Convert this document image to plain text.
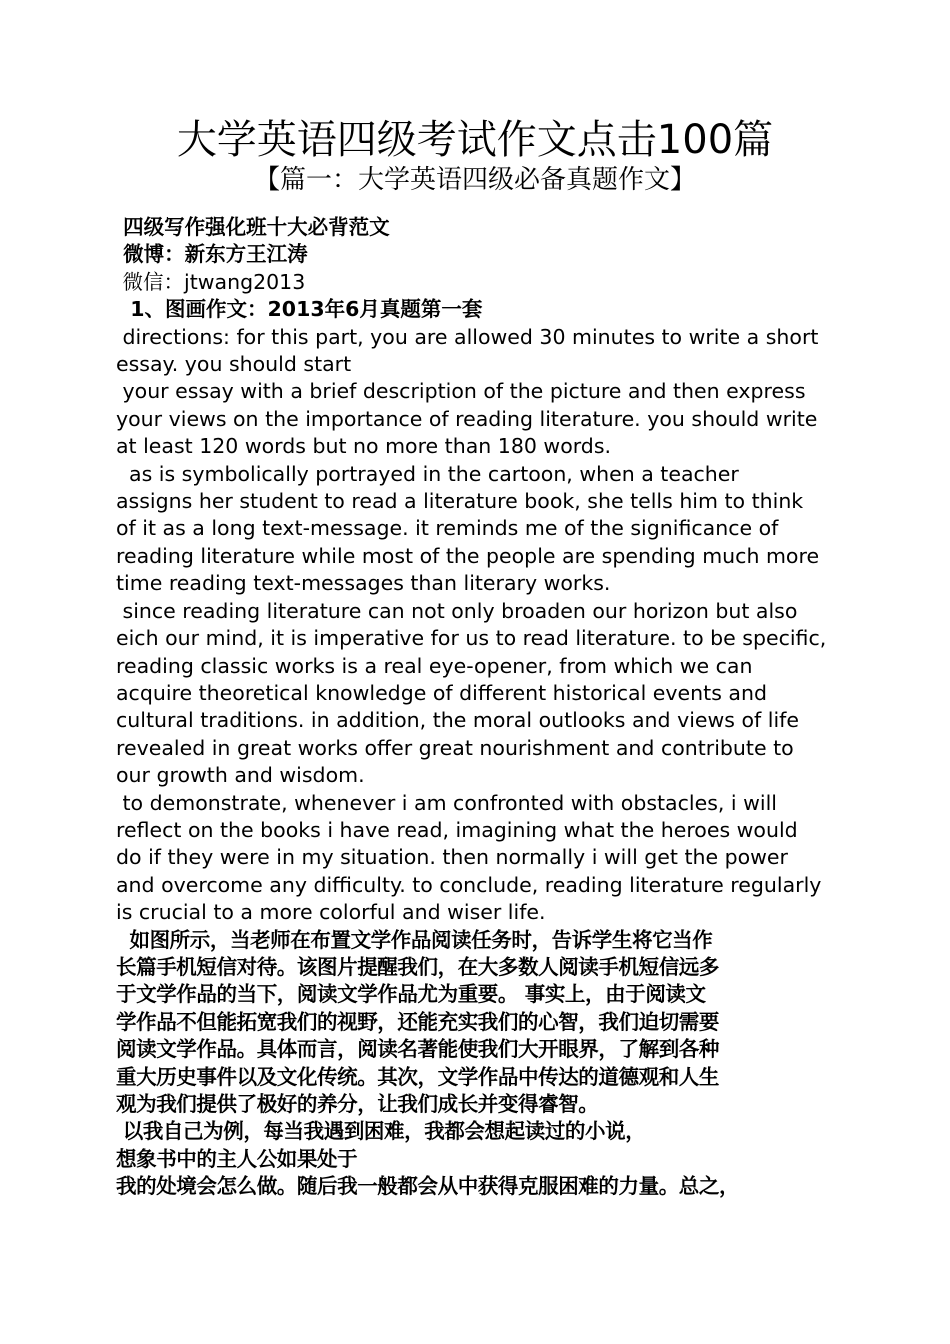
大学英语四级考试作文点击100篇
【篇一：大学英语四级必备真题作文】

四级写作强化班十大必背范文

微博：新东方王江涛

微信：jtwang2013

1、图画作文：2013年6月真题第一套

directions: for this part, you are allowed 30 minutes to write a short

essay. you should start

your essay with a brief description of the picture and then express

your views on the importance of reading literature. you should write

at least 120 words but no more than 180 words.

as is symbolically portrayed in the cartoon, when a teacher

assigns her student to read a literature book, she tells him to think

of it as a long text-message. it reminds me of the significance of

reading literature while most of the people are spending much more

time reading text-messages than literary works.

since reading literature can not only broaden our horizon but also

eich our mind, it is imperative for us to read literature. to be specific,

reading classic works is a real eye-opener, from which we can

acquire theoretical knowledge of different historical events and

cultural traditions. in addition, the moral outlooks and views of life

revealed in great works offer great nourishment and contribute to

our growth and wisdom.

to demonstrate, whenever i am confronted with obstacles, i will

reflect on the books i have read, imagining what the heroes would

do if they were in my situation. then normally i will get the power

and overcome any difficulty. to conclude, reading literature regularly

is crucial to a more colorful and wiser life.

如图所示，当老师在布置文学作品阅读任务时，告诉学生将它当作

长篇手机短信对待。该图片提醒我们，在大多数人阅读手机短信远多

于文学作品的当下，阅读文学作品尤为重要。 事实上，由于阅读文

学作品不但能拓宽我们的视野，还能充实我们的心智，我们迫切需要

阅读文学作品。具体而言，阅读名著能使我们大开眼界，了解到各种

重大历史事件以及文化传统。其次，文学作品中传达的道德观和人生

观为我们提供了极好的养分，让我们成长并变得睿智。

以我自己为例，每当我遇到困难，我都会想起读过的小说，

想象书中的主人公如果处于

我的处境会怎么做。随后我一般都会从中获得克服困难的力量。总之，
